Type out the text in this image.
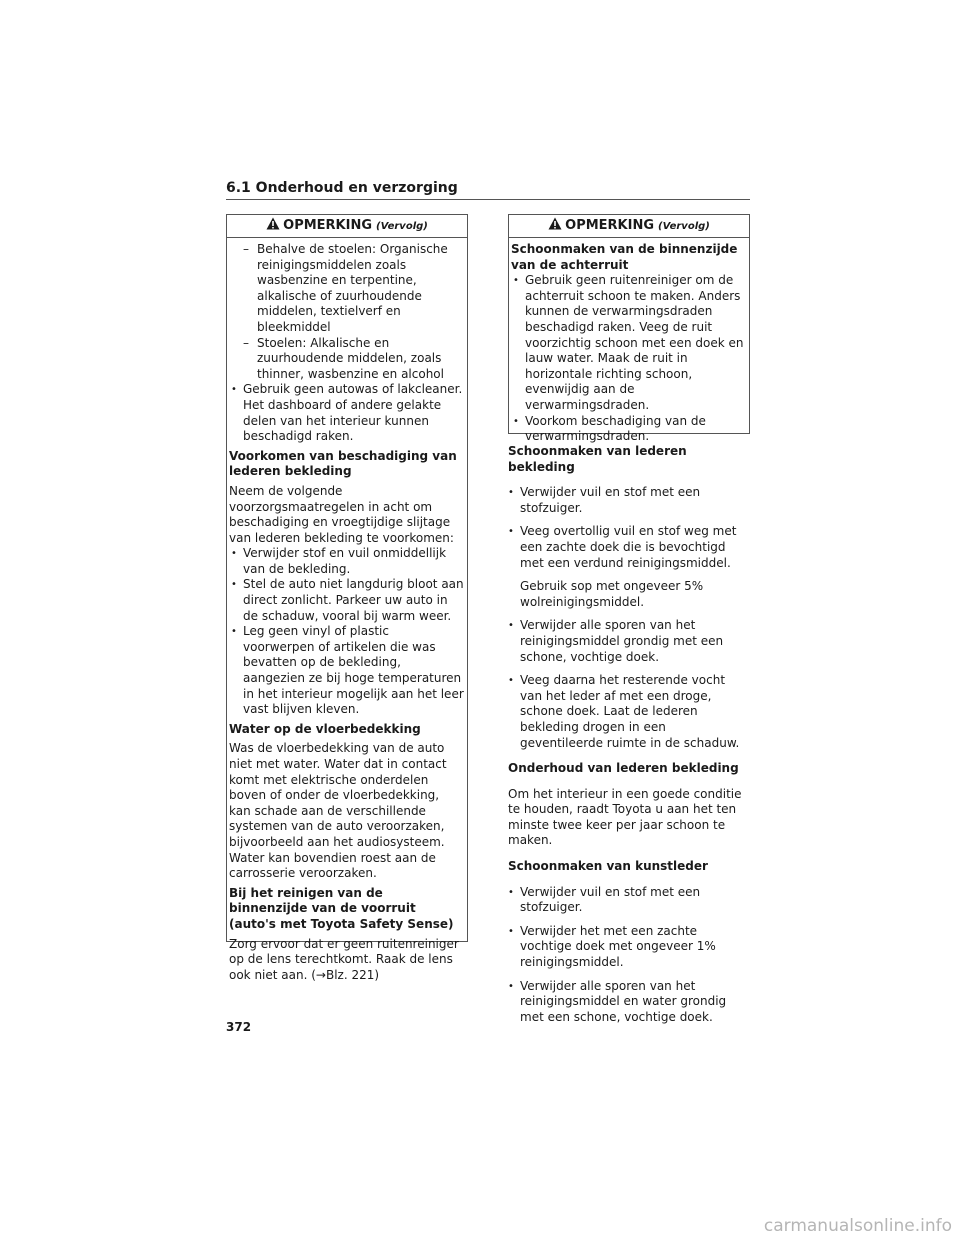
6.1 Onderhoud en verzorging
OPMERKING (Vervolg)
– Behalve de stoelen: Organische reinigingsmiddelen zoals wasbenzine en terpentine, alkalische of zuurhoudende middelen, textielverf en bleekmiddel
– Stoelen: Alkalische en zuurhoudende middelen, zoals thinner, wasbenzine en alcohol
• Gebruik geen autowas of lakcleaner. Het dashboard of andere gelakte delen van het interieur kunnen beschadigd raken.
Voorkomen van beschadiging van lederen bekleding
Neem de volgende voorzorgsmaatregelen in acht om beschadiging en vroegtijdige slijtage van lederen bekleding te voorkomen:
• Verwijder stof en vuil onmiddellijk van de bekleding.
• Stel de auto niet langdurig bloot aan direct zonlicht. Parkeer uw auto in de schaduw, vooral bij warm weer.
• Leg geen vinyl of plastic voorwerpen of artikelen die was bevatten op de bekleding, aangezien ze bij hoge temperaturen in het interieur mogelijk aan het leer vast blijven kleven.
Water op de vloerbedekking
Was de vloerbedekking van de auto niet met water. Water dat in contact komt met elektrische onderdelen boven of onder de vloerbedekking, kan schade aan de verschillende systemen van de auto veroorzaken, bijvoorbeeld aan het audiosysteem. Water kan bovendien roest aan de carrosserie veroorzaken.
Bij het reinigen van de binnenzijde van de voorruit (auto's met Toyota Safety Sense)
Zorg ervoor dat er geen ruitenreiniger op de lens terechtkomt. Raak de lens ook niet aan. (→Blz. 221)
OPMERKING (Vervolg)
Schoonmaken van de binnenzijde van de achterruit
• Gebruik geen ruitenreiniger om de achterruit schoon te maken. Anders kunnen de verwarmingsdraden beschadigd raken. Veeg de ruit voorzichtig schoon met een doek en lauw water. Maak de ruit in horizontale richting schoon, evenwijdig aan de verwarmingsdraden.
• Voorkom beschadiging van de verwarmingsdraden.
Schoonmaken van lederen bekleding
• Verwijder vuil en stof met een stofzuiger.
• Veeg overtollig vuil en stof weg met een zachte doek die is bevochtigd met een verdund reinigingsmiddel.
Gebruik sop met ongeveer 5% wolreinigingsmiddel.
• Verwijder alle sporen van het reinigingsmiddel grondig met een schone, vochtige doek.
• Veeg daarna het resterende vocht van het leder af met een droge, schone doek. Laat de lederen bekleding drogen in een geventileerde ruimte in de schaduw.
Onderhoud van lederen bekleding
Om het interieur in een goede conditie te houden, raadt Toyota u aan het ten minste twee keer per jaar schoon te maken.
Schoonmaken van kunstleder
• Verwijder vuil en stof met een stofzuiger.
• Verwijder het met een zachte vochtige doek met ongeveer 1% reinigingsmiddel.
• Verwijder alle sporen van het reinigingsmiddel en water grondig met een schone, vochtige doek.
372
carmanualsonline.info
